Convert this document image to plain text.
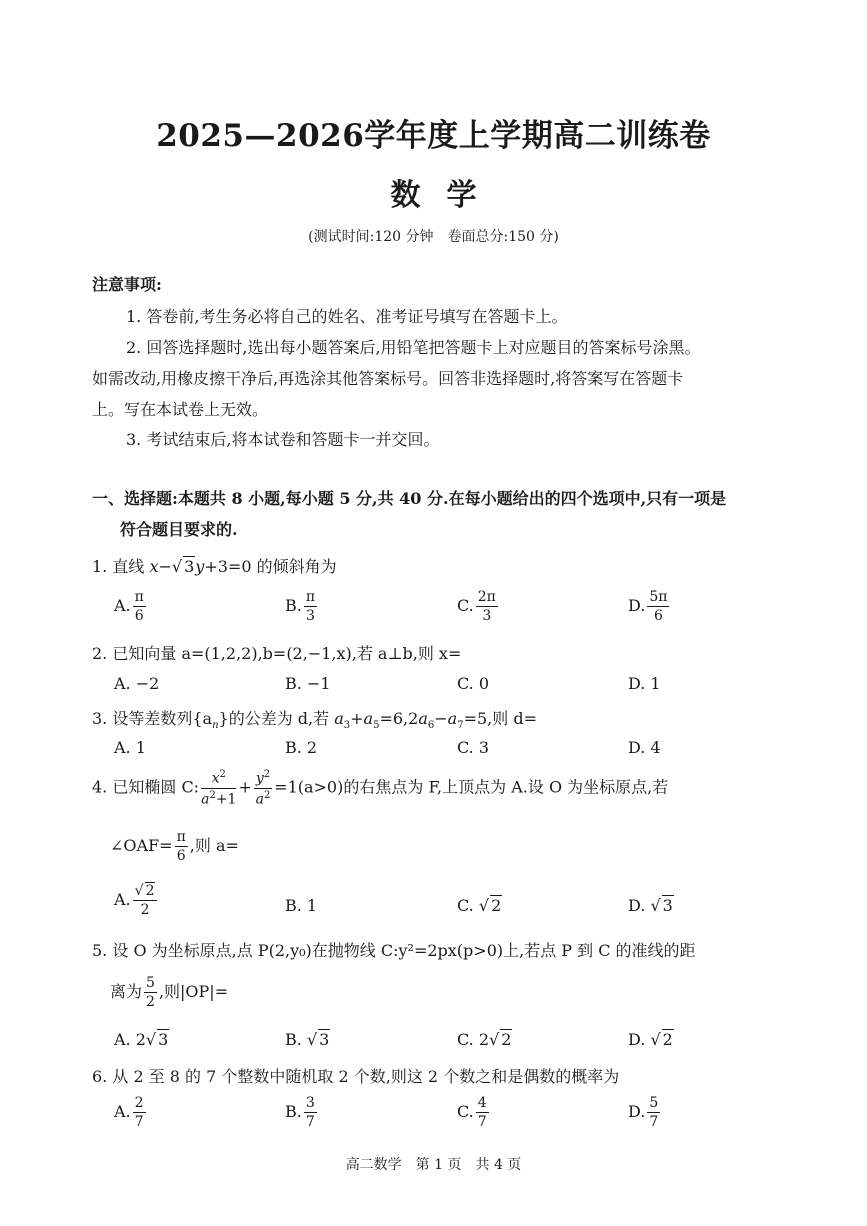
2025—2026学年度上学期高二训练卷
数学
(测试时间:120 分钟　卷面总分:150 分)
注意事项:
1. 答卷前,考生务必将自己的姓名、准考证号填写在答题卡上。
2. 回答选择题时,选出每小题答案后,用铅笔把答题卡上对应题目的答案标号涂黑。
如需改动,用橡皮擦干净后,再选涂其他答案标号。回答非选择题时,将答案写在答题卡
上。写在本试卷上无效。
3. 考试结束后,将本试卷和答题卡一并交回。
一、选择题:本题共 8 小题,每小题 5 分,共 40 分.在每小题给出的四个选项中,只有一项是
符合题目要求的.
1. 直线 x−√ 3y+3=0 的倾斜角为
A. $\frac{\pi}{6}$	B. $\frac{\pi}{3}$	C. $\frac{2\pi}{3}$	D. $\frac{5\pi}{6}$
2. 已知向量 a=(1,2,2),b=(2,−1,x),若 a⊥b,则 x=
A. −2	B. −1	C. 0	D. 1
3. 设等差数列$\{a_n\}$的公差为 d,若 $a_3+a_5=6,2a_6-a_7=5$,则 d=
A. 1	B. 2	C. 3	D. 4
4. 已知椭圆 C: $\frac{x^2}{a^2+1} + \frac{y^2}{a^2} =1(a>0)$的右焦点为 F,上顶点为 A.设 O 为坐标原点,若
∠OAF= $\frac{\pi}{6}$ ,则 a=
A. $\frac{√ 2}{2}$	B. 1	C. √ 2	D. √ 3
5. 设 O 为坐标原点,点 P(2,y₀)在抛物线 C:y²=2px(p>0)上,若点 P 到 C 的准线的距
离为 $\frac{5}{2}$ ,则|OP|=
A. 2√ 3	B. √ 3	C. 2√ 2	D. √ 2
6. 从 2 至 8 的 7 个整数中随机取 2 个数,则这 2 个数之和是偶数的概率为
A. $\frac{2}{7}$	B. $\frac{3}{7}$	C. $\frac{4}{7}$	D. $\frac{5}{7}$
高二数学　第 1 页　共 4 页
